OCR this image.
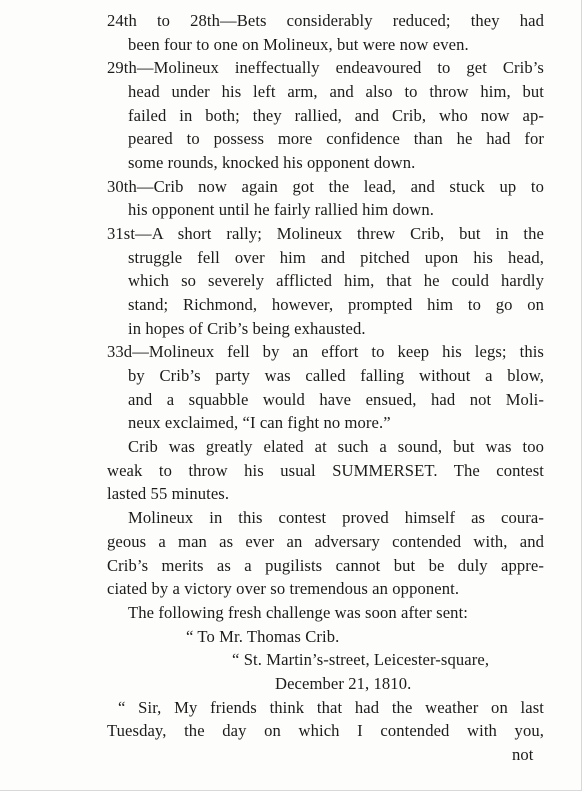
24th to 28th—Bets considerably reduced; they had
been four to one on Molineux, but were now even.
29th—Molineux ineffectually endeavoured to get Crib’s
head under his left arm, and also to throw him, but
failed in both; they rallied, and Crib, who now ap-
peared to possess more confidence than he had for
some rounds, knocked his opponent down.
30th—Crib now again got the lead, and stuck up to
his opponent until he fairly rallied him down.
31st—A short rally; Molineux threw Crib, but in the
struggle fell over him and pitched upon his head,
which so severely afflicted him, that he could hardly
stand; Richmond, however, prompted him to go on
in hopes of Crib’s being exhausted.
33d—Molineux fell by an effort to keep his legs; this
by Crib’s party was called falling without a blow,
and a squabble would have ensued, had not Moli-
neux exclaimed, “I can fight no more.”
Crib was greatly elated at such a sound, but was too
weak to throw his usual SUMMERSET. The contest
lasted 55 minutes.
Molineux in this contest proved himself as coura-
geous a man as ever an adversary contended with, and
Crib’s merits as a pugilists cannot but be duly appre-
ciated by a victory over so tremendous an opponent.
The following fresh challenge was soon after sent:
“ To Mr. Thomas Crib.
“ St. Martin’s-street, Leicester-square,
December 21, 1810.
“ Sir, My friends think that had the weather on last
Tuesday, the day on which I contended with you,
not
